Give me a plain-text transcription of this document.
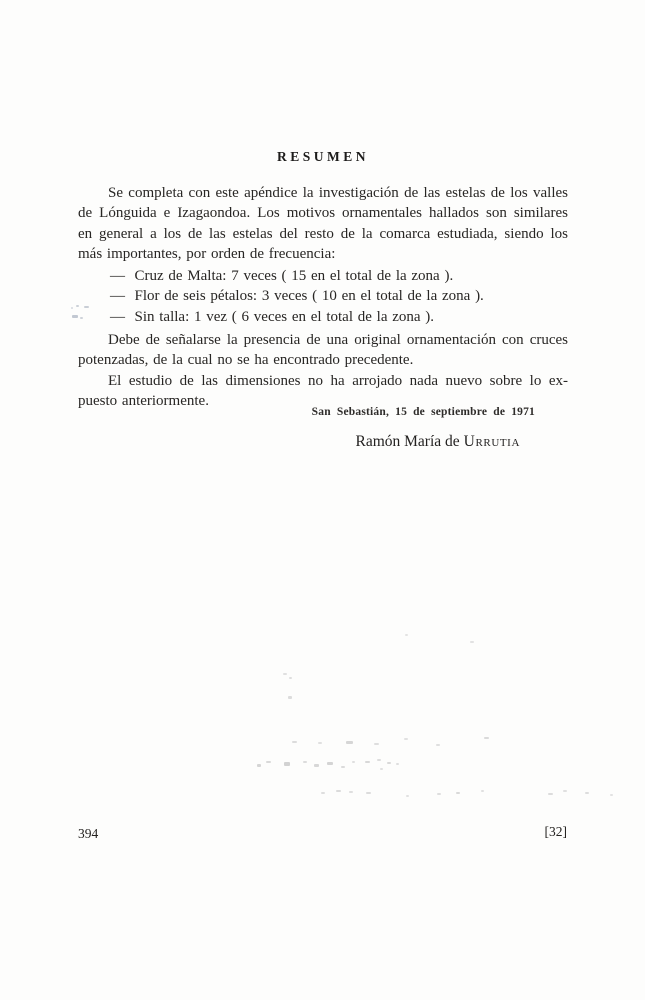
RESUMEN
Se completa con este apéndice la investigación de las estelas de los valles
de Lónguida e Izagaondoa. Los motivos ornamentales hallados son similares
en general a los de las estelas del resto de la comarca estudiada, siendo los
más importantes, por orden de frecuencia:
—  Cruz de Malta: 7 veces ( 15 en el total de la zona ).
—  Flor de seis pétalos: 3 veces ( 10 en el total de la zona ).
—  Sin talla: 1 vez ( 6 veces en el total de la zona ).
Debe de señalarse la presencia de una original ornamentación con cruces
potenzadas, de la cual no se ha encontrado precedente.
El estudio de las dimensiones no ha arrojado nada nuevo sobre lo ex-
puesto anteriormente.
San Sebastián, 15 de septiembre de 1971
Ramón María de Urrutia
394	[32]
